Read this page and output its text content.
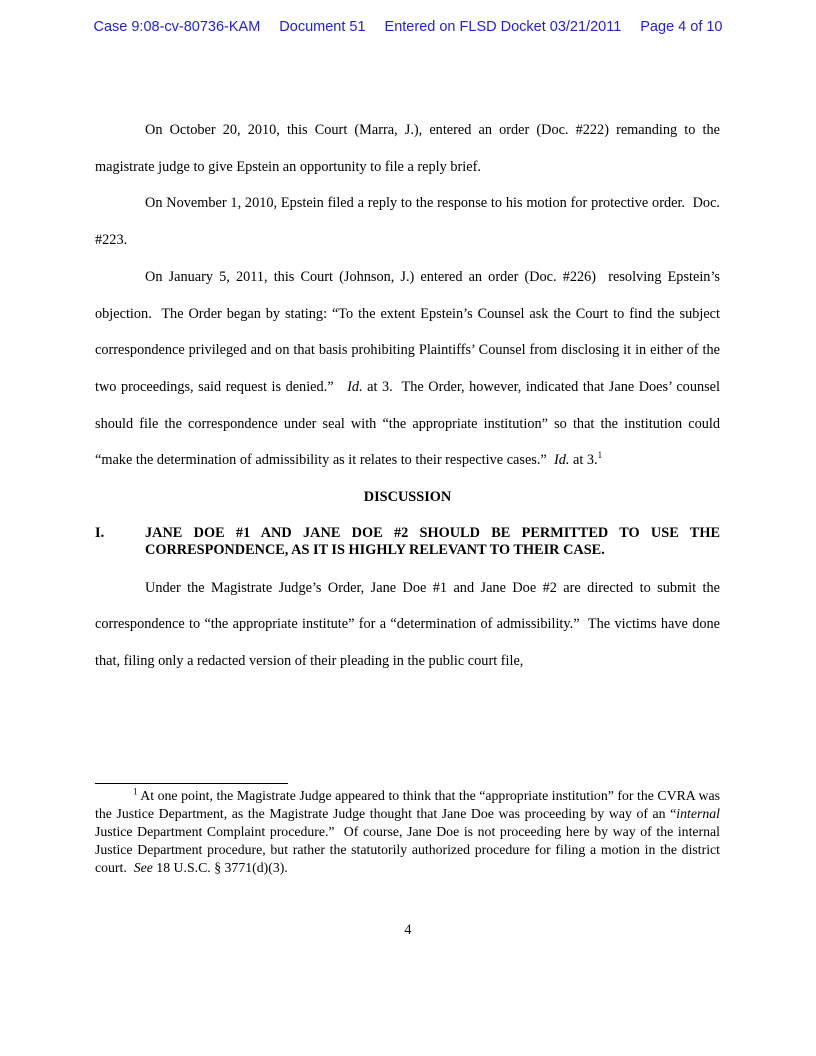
Case 9:08-cv-80736-KAM Document 51 Entered on FLSD Docket 03/21/2011 Page 4 of 10

On October 20, 2010, this Court (Marra, J.), entered an order (Doc. #222) remanding to the magistrate judge to give Epstein an opportunity to file a reply brief.

On November 1, 2010, Epstein filed a reply to the response to his motion for protective order.  Doc. #223.

On January 5, 2011, this Court (Johnson, J.) entered an order (Doc. #226)  resolving Epstein’s objection.  The Order began by stating: “To the extent Epstein’s Counsel ask the Court to find the subject correspondence privileged and on that basis prohibiting Plaintiffs’ Counsel from disclosing it in either of the two proceedings, said request is denied.”   Id. at 3.  The Order, however, indicated that Jane Does’ counsel should file the correspondence under seal with “the appropriate institution” so that the institution could “make the determination of admissibility as it relates to their respective cases.”  Id. at 3.$^1$

DISCUSSION

I.	JANE DOE #1 AND JANE DOE #2 SHOULD BE PERMITTED TO USE THE CORRESPONDENCE, AS IT IS HIGHLY RELEVANT TO THEIR CASE.

Under the Magistrate Judge’s Order, Jane Doe #1 and Jane Doe #2 are directed to submit the correspondence to “the appropriate institute” for a “determination of admissibility.”  The victims have done that, filing only a redacted version of their pleading in the public court file,

$^1$ At one point, the Magistrate Judge appeared to think that the “appropriate institution” for the CVRA was the Justice Department, as the Magistrate Judge thought that Jane Doe was proceeding by way of an “internal Justice Department Complaint procedure.”  Of course, Jane Doe is not proceeding here by way of the internal Justice Department procedure, but rather the statutorily authorized procedure for filing a motion in the district court.  See 18 U.S.C. § 3771(d)(3).

4
